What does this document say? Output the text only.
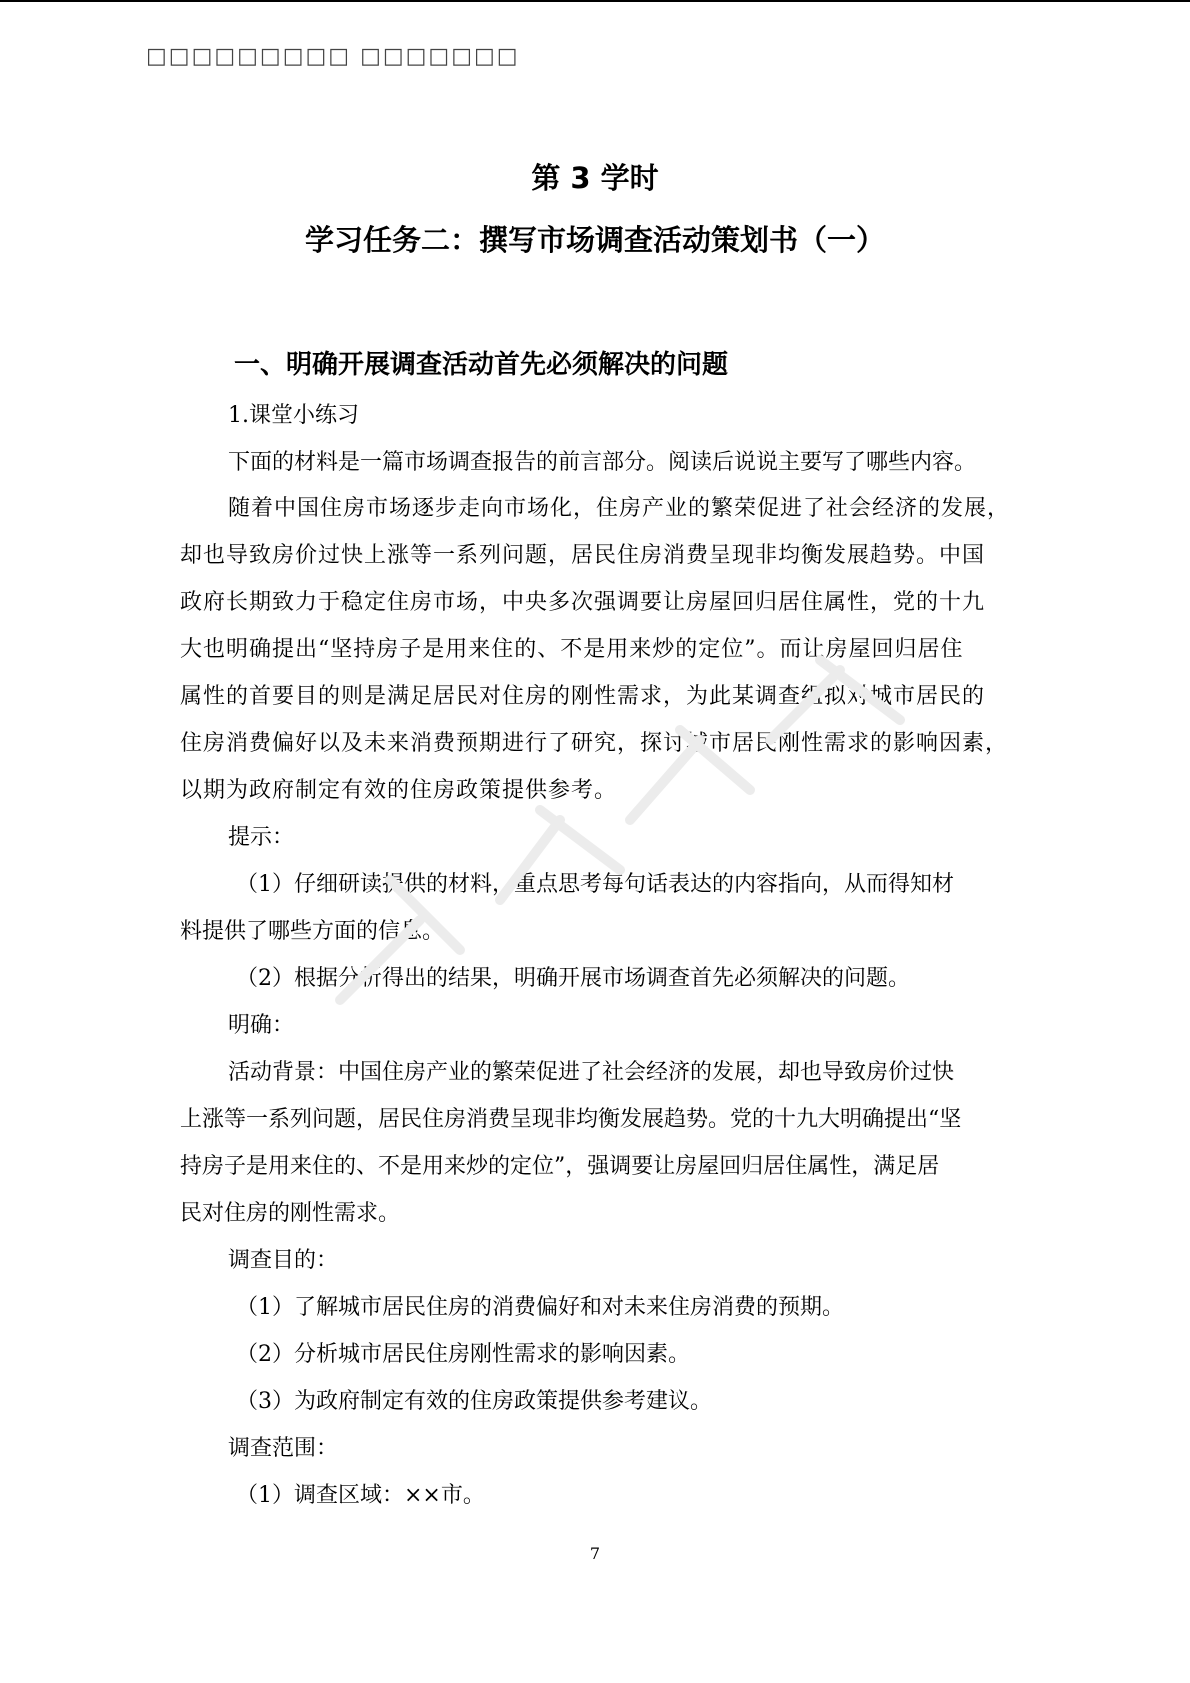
□□□□□□□□□ □□□□□□□
第 3 学时
学习任务二：撰写市场调查活动策划书（一）
一、明确开展调查活动首先必须解决的问题
1.课堂小练习
下面的材料是一篇市场调查报告的前言部分。阅读后说说主要写了哪些内容。
随着中国住房市场逐步走向市场化，住房产业的繁荣促进了社会经济的发展，
却也导致房价过快上涨等一系列问题，居民住房消费呈现非均衡发展趋势。中国
政府长期致力于稳定住房市场，中央多次强调要让房屋回归居住属性，党的十九
大也明确提出“坚持房子是用来住的、不是用来炒的定位”。而让房屋回归居住
属性的首要目的则是满足居民对住房的刚性需求，为此某调查组拟对城市居民的
住房消费偏好以及未来消费预期进行了研究，探讨城市居民刚性需求的影响因素，
以期为政府制定有效的住房政策提供参考。
提示：
（1）仔细研读提供的材料，重点思考每句话表达的内容指向，从而得知材
料提供了哪些方面的信息。
（2）根据分析得出的结果，明确开展市场调查首先必须解决的问题。
明确：
活动背景：中国住房产业的繁荣促进了社会经济的发展，却也导致房价过快
上涨等一系列问题，居民住房消费呈现非均衡发展趋势。党的十九大明确提出“坚
持房子是用来住的、不是用来炒的定位”，强调要让房屋回归居住属性，满足居
民对住房的刚性需求。
调查目的：
（1）了解城市居民住房的消费偏好和对未来住房消费的预期。
（2）分析城市居民住房刚性需求的影响因素。
（3）为政府制定有效的住房政策提供参考建议。
调查范围：
（1）调查区域：××市。
7
